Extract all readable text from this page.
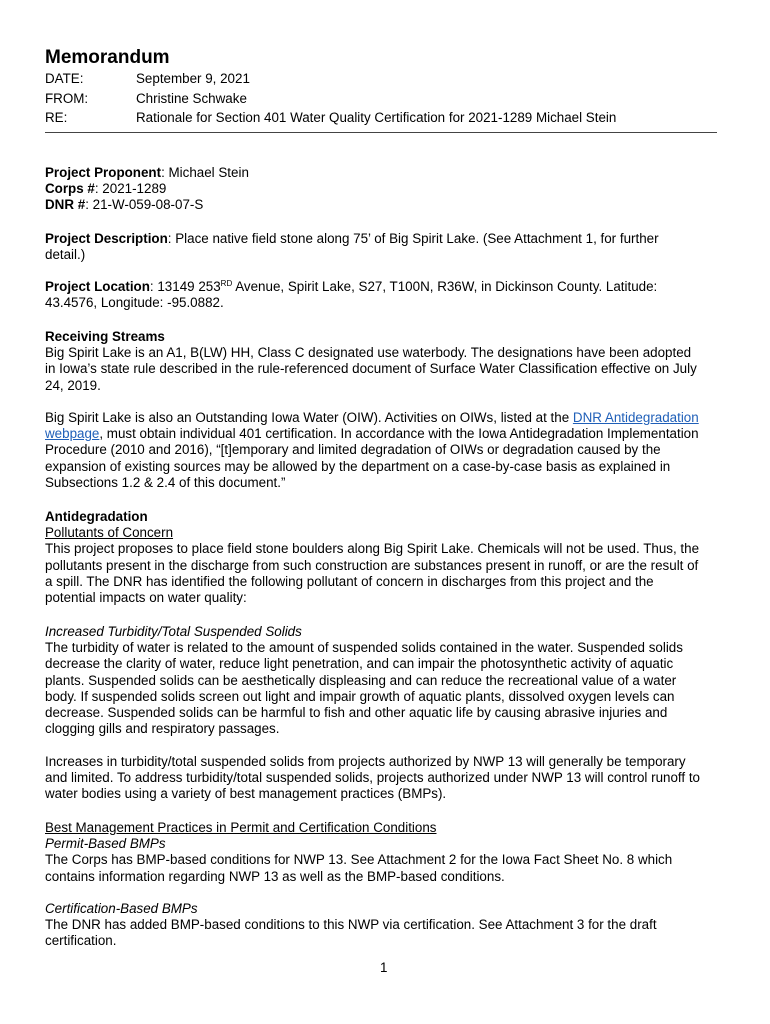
Memorandum
DATE:	September 9, 2021
FROM:	Christine Schwake
RE:	Rationale for Section 401 Water Quality Certification for 2021-1289 Michael Stein
Project Proponent: Michael Stein
Corps #: 2021-1289
DNR #: 21-W-059-08-07-S
Project Description: Place native field stone along 75’ of Big Spirit Lake. (See Attachment 1, for further
detail.)
Project Location: 13149 253RD Avenue, Spirit Lake, S27, T100N, R36W, in Dickinson County. Latitude:
43.4576, Longitude: -95.0882.
Receiving Streams
Big Spirit Lake is an A1, B(LW) HH, Class C designated use waterbody. The designations have been adopted
in Iowa’s state rule described in the rule-referenced document of Surface Water Classification effective on July
24, 2019.
Big Spirit Lake is also an Outstanding Iowa Water (OIW). Activities on OIWs, listed at the DNR Antidegradation
webpage, must obtain individual 401 certification. In accordance with the Iowa Antidegradation Implementation
Procedure (2010 and 2016), “[t]emporary and limited degradation of OIWs or degradation caused by the
expansion of existing sources may be allowed by the department on a case-by-case basis as explained in
Subsections 1.2 & 2.4 of this document.”
Antidegradation
Pollutants of Concern
This project proposes to place field stone boulders along Big Spirit Lake. Chemicals will not be used. Thus, the
pollutants present in the discharge from such construction are substances present in runoff, or are the result of
a spill. The DNR has identified the following pollutant of concern in discharges from this project and the
potential impacts on water quality:
Increased Turbidity/Total Suspended Solids
The turbidity of water is related to the amount of suspended solids contained in the water. Suspended solids
decrease the clarity of water, reduce light penetration, and can impair the photosynthetic activity of aquatic
plants. Suspended solids can be aesthetically displeasing and can reduce the recreational value of a water
body. If suspended solids screen out light and impair growth of aquatic plants, dissolved oxygen levels can
decrease. Suspended solids can be harmful to fish and other aquatic life by causing abrasive injuries and
clogging gills and respiratory passages.
Increases in turbidity/total suspended solids from projects authorized by NWP 13 will generally be temporary
and limited. To address turbidity/total suspended solids, projects authorized under NWP 13 will control runoff to
water bodies using a variety of best management practices (BMPs).
Best Management Practices in Permit and Certification Conditions
Permit-Based BMPs
The Corps has BMP-based conditions for NWP 13. See Attachment 2 for the Iowa Fact Sheet No. 8 which
contains information regarding NWP 13 as well as the BMP-based conditions.
Certification-Based BMPs
The DNR has added BMP-based conditions to this NWP via certification. See Attachment 3 for the draft
certification.
1
